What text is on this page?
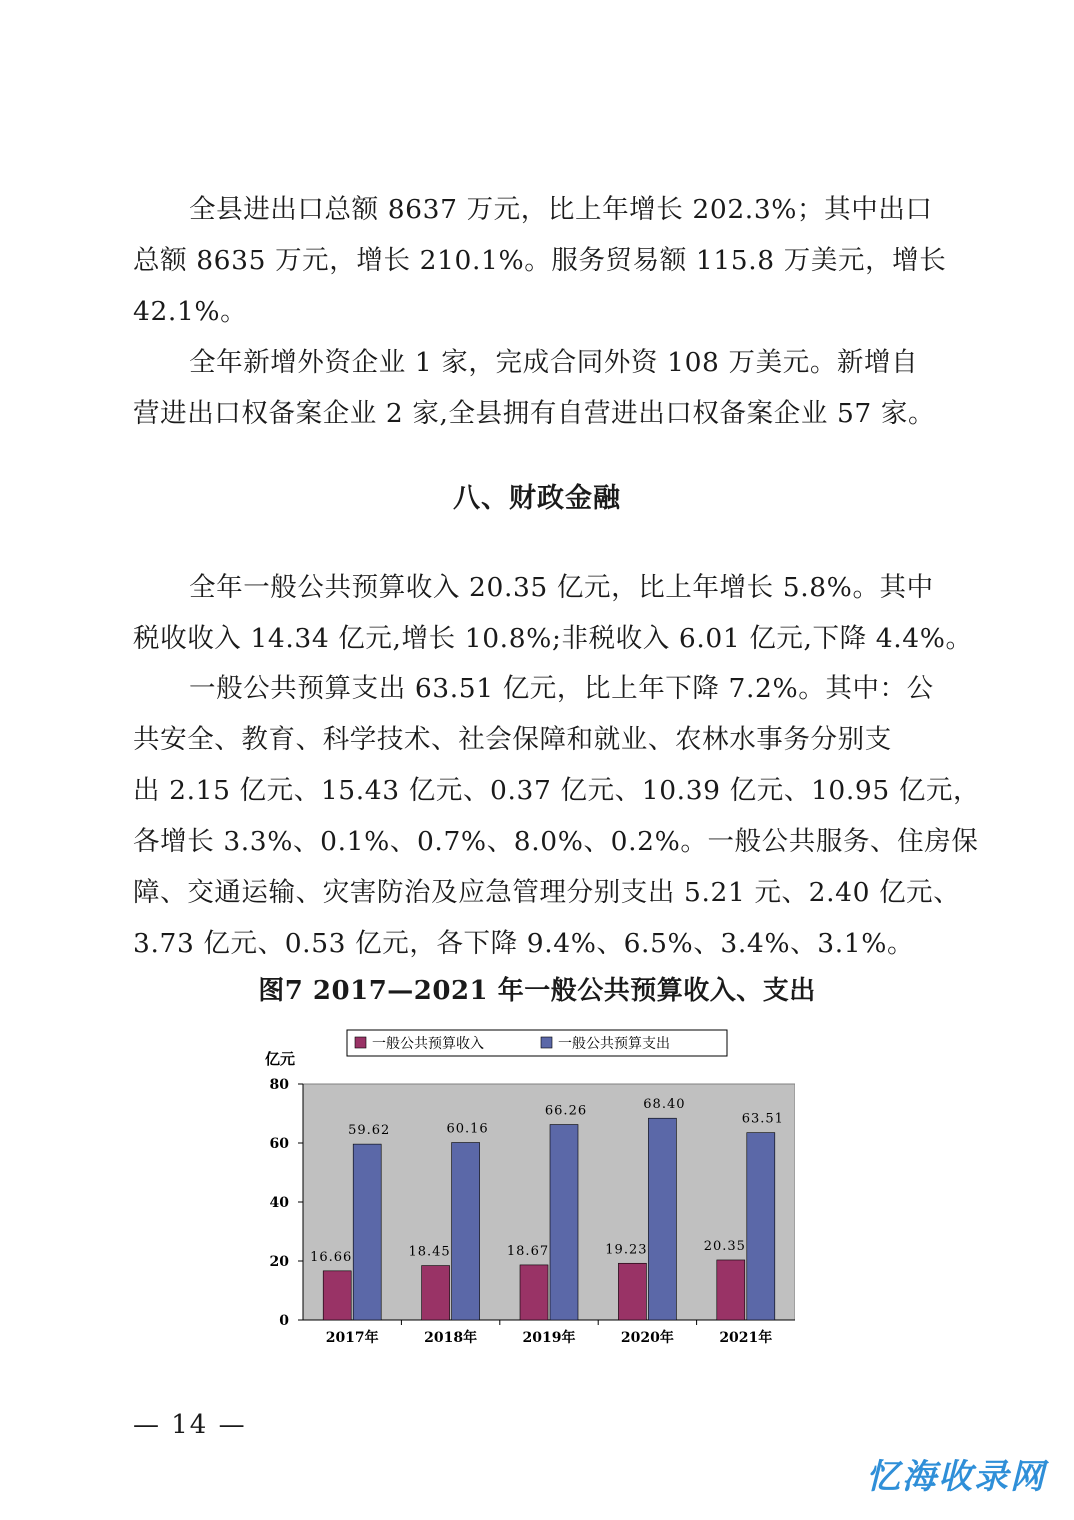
全县进出口总额 8637 万元，比上年增长 202.3%；其中出口
总额 8635 万元，增长 210.1%。服务贸易额 115.8 万美元，增长
42.1%。
全年新增外资企业 1 家，完成合同外资 108 万美元。新增自
营进出口权备案企业 2 家,全县拥有自营进出口权备案企业 57 家。
八、财政金融
全年一般公共预算收入 20.35 亿元，比上年增长 5.8%。其中
税收收入 14.34 亿元,增长 10.8%;非税收入 6.01 亿元,下降 4.4%。
一般公共预算支出 63.51 亿元，比上年下降 7.2%。其中：公
共安全、教育、科学技术、社会保障和就业、农林水事务分别支
出 2.15 亿元、15.43 亿元、0.37 亿元、10.39 亿元、10.95 亿元，
各增长 3.3%、0.1%、0.7%、8.0%、0.2%。一般公共服务、住房保
障、交通运输、灾害防治及应急管理分别支出 5.21 元、2.40 亿元、
3.73 亿元、0.53 亿元，各下降 9.4%、6.5%、3.4%、3.1%。
图7 2017—2021 年一般公共预算收入、支出
一般公共预算收入	一般公共预算支出
亿元
0
20
40
60
80
2017年
16.66
59.62
2018年
18.45
60.16
2019年
18.67
66.26
2020年
19.23
68.40
2021年
20.35
63.51
— 14 —
忆海收录网
